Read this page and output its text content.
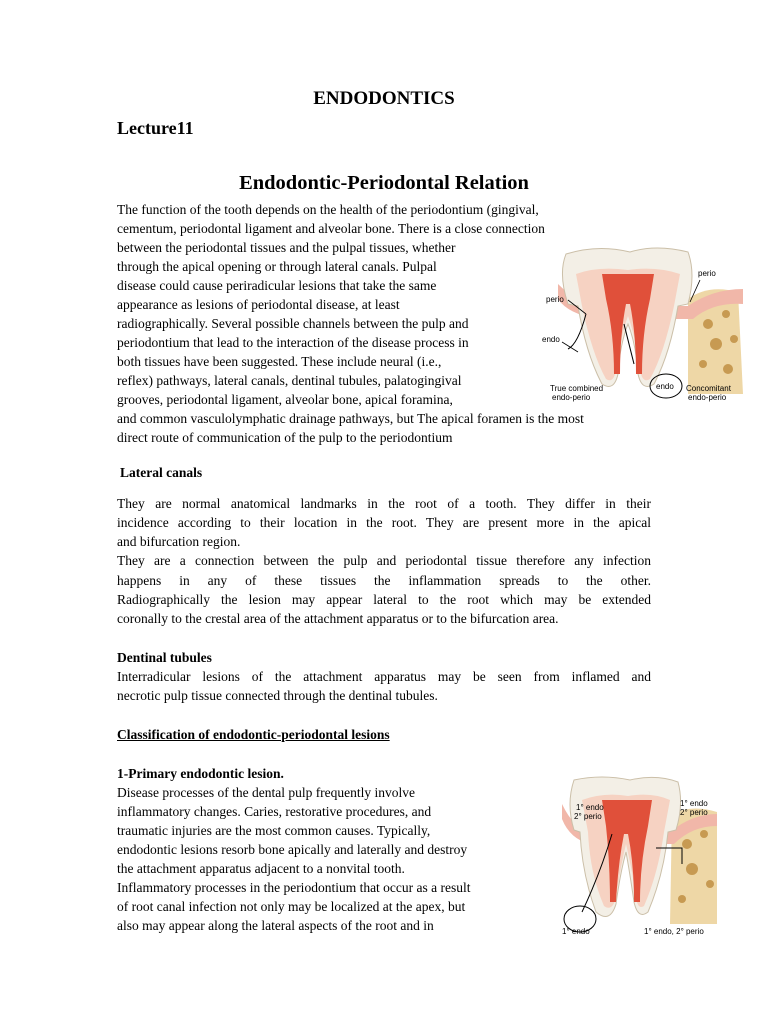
ENDODONTICS
Lecture11
Endodontic-Periodontal Relation
The function of the tooth depends on the health of the periodontium (gingival,
cementum, periodontal ligament and alveolar bone. There is a close connection
between the periodontal tissues and the pulpal tissues, whether
through the apical opening or through lateral canals. Pulpal
disease could cause periradicular lesions that take the same
appearance as lesions of periodontal disease, at least
radiographically. Several possible channels between the pulp and
periodontium that lead to the interaction of the disease process in
both tissues have been suggested. These include neural (i.e.,
reflex) pathways, lateral canals, dentinal tubules, palatogingival
grooves, periodontal ligament, alveolar bone, apical foramina,
and common vasculolymphatic drainage pathways, but The apical foramen is the most
direct route of communication of the pulp to the periodontium
perio
endo
perio
True combined
endo-perio
endo Concomitant
endo-perio
Lateral canals
They are normal anatomical landmarks in the root of a tooth. They differ in their
incidence according to their location in the root. They are present more in the apical
and bifurcation region.
They are a connection between the pulp and periodontal tissue therefore any infection
happens in any of these tissues the inflammation spreads to the other.
Radiographically the lesion may appear lateral to the root which may be extended
coronally to the crestal area of the attachment apparatus or to the bifurcation area.
Dentinal tubules
Interradicular lesions of the attachment apparatus may be seen from inflamed and
necrotic pulp tissue connected through the dentinal tubules.
Classification of endodontic-periodontal lesions
1-Primary endodontic lesion.
Disease processes of the dental pulp frequently involve
inflammatory changes. Caries, restorative procedures, and
traumatic injuries are the most common causes. Typically,
endodontic lesions resorb bone apically and laterally and destroy
the attachment apparatus adjacent to a nonvital tooth.
Inflammatory processes in the periodontium that occur as a result
of root canal infection not only may be localized at the apex, but
also may appear along the lateral aspects of the root and in
1° endo
2° perio
1° endo
2° perio
1° endo	1° endo, 2° perio
